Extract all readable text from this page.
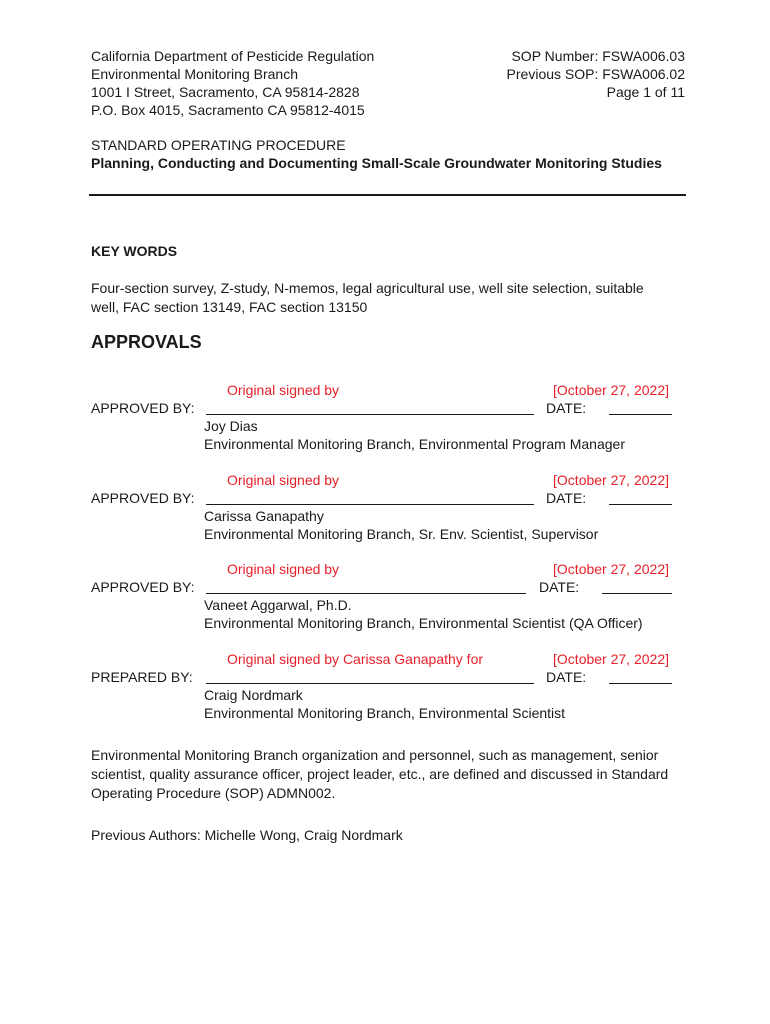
California Department of Pesticide Regulation
Environmental Monitoring Branch
1001 I Street, Sacramento, CA 95814-2828
P.O. Box 4015, Sacramento CA 95812-4015
SOP Number: FSWA006.03
Previous SOP: FSWA006.02
Page 1 of 11
STANDARD OPERATING PROCEDURE
Planning, Conducting and Documenting Small-Scale Groundwater Monitoring Studies
KEY WORDS
Four-section survey, Z-study, N-memos, legal agricultural use, well site selection, suitable well, FAC section 13149, FAC section 13150
APPROVALS
Original signed by	[October 27, 2022]
APPROVED BY:	DATE:
Joy Dias
Environmental Monitoring Branch, Environmental Program Manager
Original signed by	[October 27, 2022]
APPROVED BY:	DATE:
Carissa Ganapathy
Environmental Monitoring Branch, Sr. Env. Scientist, Supervisor
Original signed by	[October 27, 2022]
APPROVED BY:	DATE:
Vaneet Aggarwal, Ph.D.
Environmental Monitoring Branch, Environmental Scientist (QA Officer)
Original signed by Carissa Ganapathy for	[October 27, 2022]
PREPARED BY:	DATE:
Craig Nordmark
Environmental Monitoring Branch, Environmental Scientist
Environmental Monitoring Branch organization and personnel, such as management, senior scientist, quality assurance officer, project leader, etc., are defined and discussed in Standard Operating Procedure (SOP) ADMN002.
Previous Authors: Michelle Wong, Craig Nordmark
